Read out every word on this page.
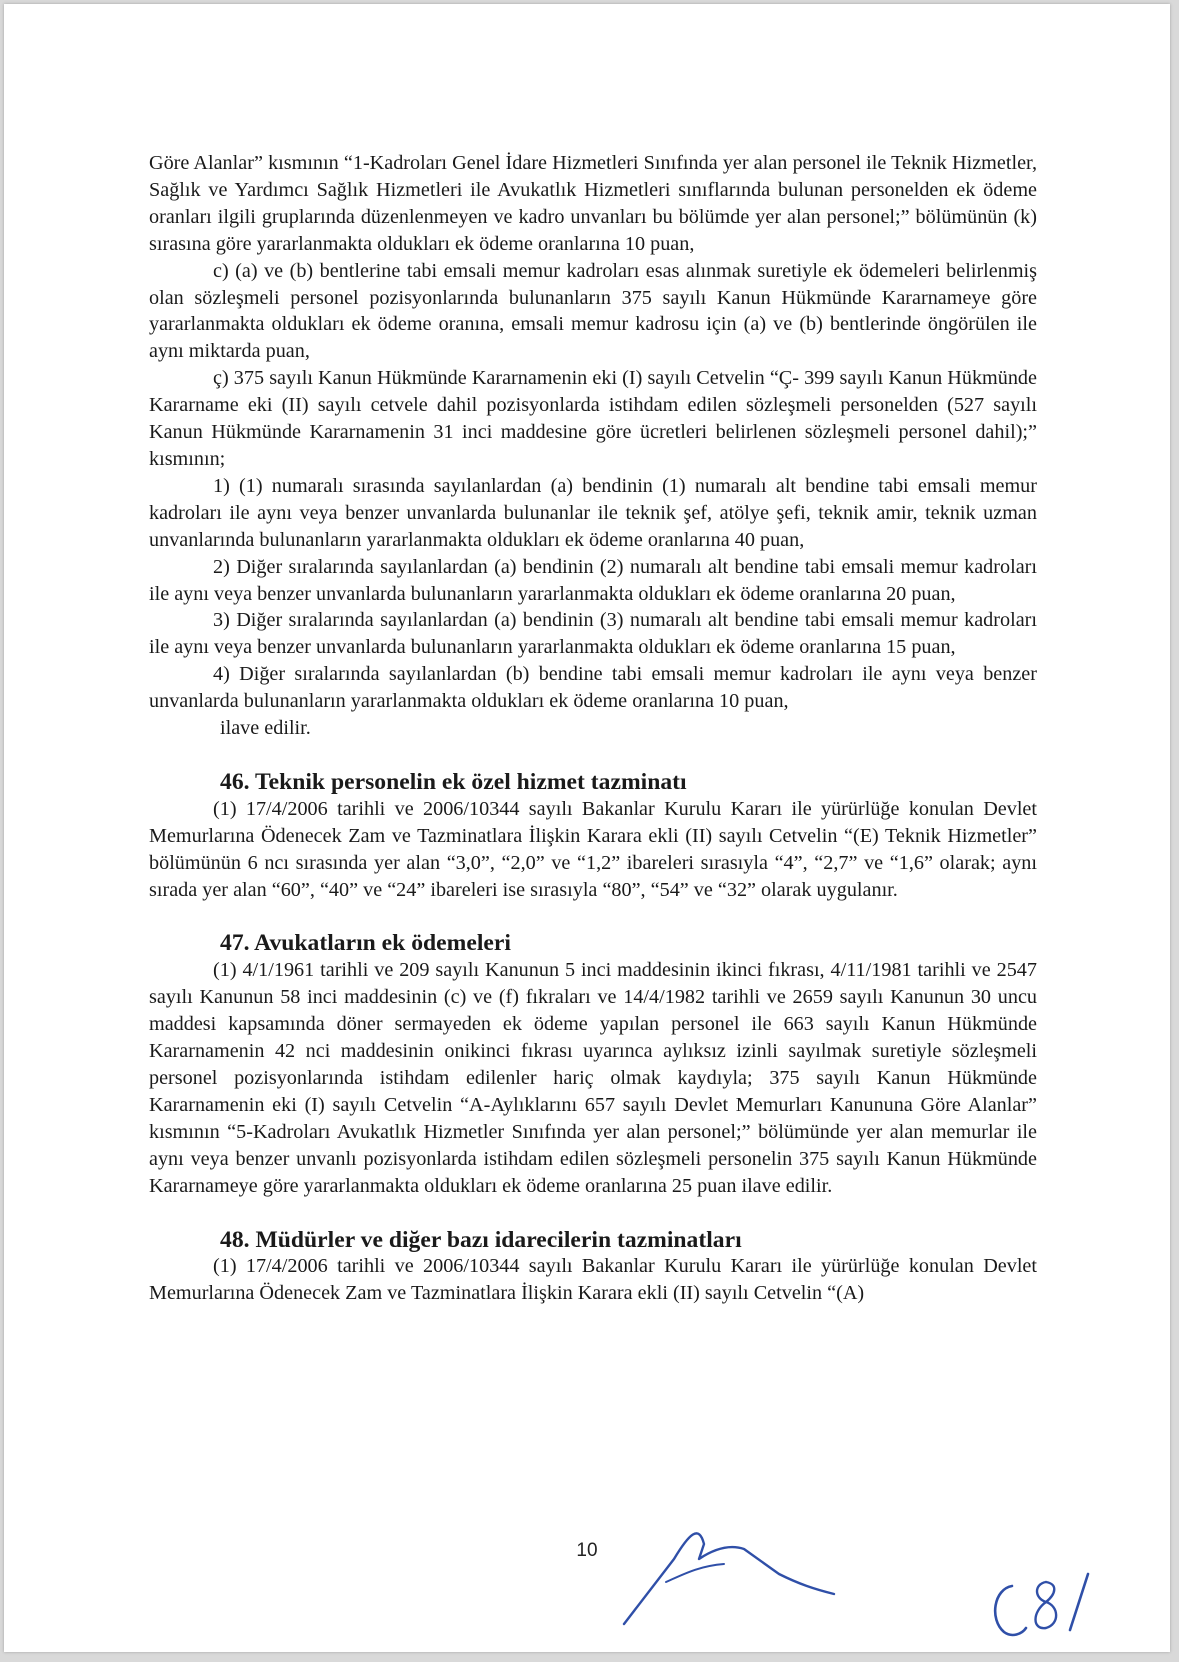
Göre Alanlar” kısmının “1-Kadroları Genel İdare Hizmetleri Sınıfında yer alan personel ile Teknik Hizmetler, Sağlık ve Yardımcı Sağlık Hizmetleri ile Avukatlık Hizmetleri sınıflarında bulunan personelden ek ödeme oranları ilgili gruplarında düzenlenmeyen ve kadro unvanları bu bölümde yer alan personel;” bölümünün (k) sırasına göre yararlanmakta oldukları ek ödeme oranlarına 10 puan,

c) (a) ve (b) bentlerine tabi emsali memur kadroları esas alınmak suretiyle ek ödemeleri belirlenmiş olan sözleşmeli personel pozisyonlarında bulunanların 375 sayılı Kanun Hükmünde Kararnameye göre yararlanmakta oldukları ek ödeme oranına, emsali memur kadrosu için (a) ve (b) bentlerinde öngörülen ile aynı miktarda puan,

ç) 375 sayılı Kanun Hükmünde Kararnamenin eki (I) sayılı Cetvelin “Ç- 399 sayılı Kanun Hükmünde Kararname eki (II) sayılı cetvele dahil pozisyonlarda istihdam edilen sözleşmeli personelden (527 sayılı Kanun Hükmünde Kararnamenin 31 inci maddesine göre ücretleri belirlenen sözleşmeli personel dahil);” kısmının;

1) (1) numaralı sırasında sayılanlardan (a) bendinin (1) numaralı alt bendine tabi emsali memur kadroları ile aynı veya benzer unvanlarda bulunanlar ile teknik şef, atölye şefi, teknik amir, teknik uzman unvanlarında bulunanların yararlanmakta oldukları ek ödeme oranlarına 40 puan,

2) Diğer sıralarında sayılanlardan (a) bendinin (2) numaralı alt bendine tabi emsali memur kadroları ile aynı veya benzer unvanlarda bulunanların yararlanmakta oldukları ek ödeme oranlarına 20 puan,

3) Diğer sıralarında sayılanlardan (a) bendinin (3) numaralı alt bendine tabi emsali memur kadroları ile aynı veya benzer unvanlarda bulunanların yararlanmakta oldukları ek ödeme oranlarına 15 puan,

4) Diğer sıralarında sayılanlardan (b) bendine tabi emsali memur kadroları ile aynı veya benzer unvanlarda bulunanların yararlanmakta oldukları ek ödeme oranlarına 10 puan,

ilave edilir.

46. Teknik personelin ek özel hizmet tazminatı

(1) 17/4/2006 tarihli ve 2006/10344 sayılı Bakanlar Kurulu Kararı ile yürürlüğe konulan Devlet Memurlarına Ödenecek Zam ve Tazminatlara İlişkin Karara ekli (II) sayılı Cetvelin “(E) Teknik Hizmetler” bölümünün 6 ncı sırasında yer alan “3,0”, “2,0” ve “1,2” ibareleri sırasıyla “4”, “2,7” ve “1,6” olarak; aynı sırada yer alan “60”, “40” ve “24” ibareleri ise sırasıyla “80”, “54” ve “32” olarak uygulanır.

47. Avukatların ek ödemeleri

(1) 4/1/1961 tarihli ve 209 sayılı Kanunun 5 inci maddesinin ikinci fıkrası, 4/11/1981 tarihli ve 2547 sayılı Kanunun 58 inci maddesinin (c) ve (f) fıkraları ve 14/4/1982 tarihli ve 2659 sayılı Kanunun 30 uncu maddesi kapsamında döner sermayeden ek ödeme yapılan personel ile 663 sayılı Kanun Hükmünde Kararnamenin 42 nci maddesinin onikinci fıkrası uyarınca aylıksız izinli sayılmak suretiyle sözleşmeli personel pozisyonlarında istihdam edilenler hariç olmak kaydıyla; 375 sayılı Kanun Hükmünde Kararnamenin eki (I) sayılı Cetvelin “A-Aylıklarını 657 sayılı Devlet Memurları Kanununa Göre Alanlar” kısmının “5-Kadroları Avukatlık Hizmetler Sınıfında yer alan personel;” bölümünde yer alan memurlar ile aynı veya benzer unvanlı pozisyonlarda istihdam edilen sözleşmeli personelin 375 sayılı Kanun Hükmünde Kararnameye göre yararlanmakta oldukları ek ödeme oranlarına 25 puan ilave edilir.

48. Müdürler ve diğer bazı idarecilerin tazminatları

(1) 17/4/2006 tarihli ve 2006/10344 sayılı Bakanlar Kurulu Kararı ile yürürlüğe konulan Devlet Memurlarına Ödenecek Zam ve Tazminatlara İlişkin Karara ekli (II) sayılı Cetvelin “(A)

10
